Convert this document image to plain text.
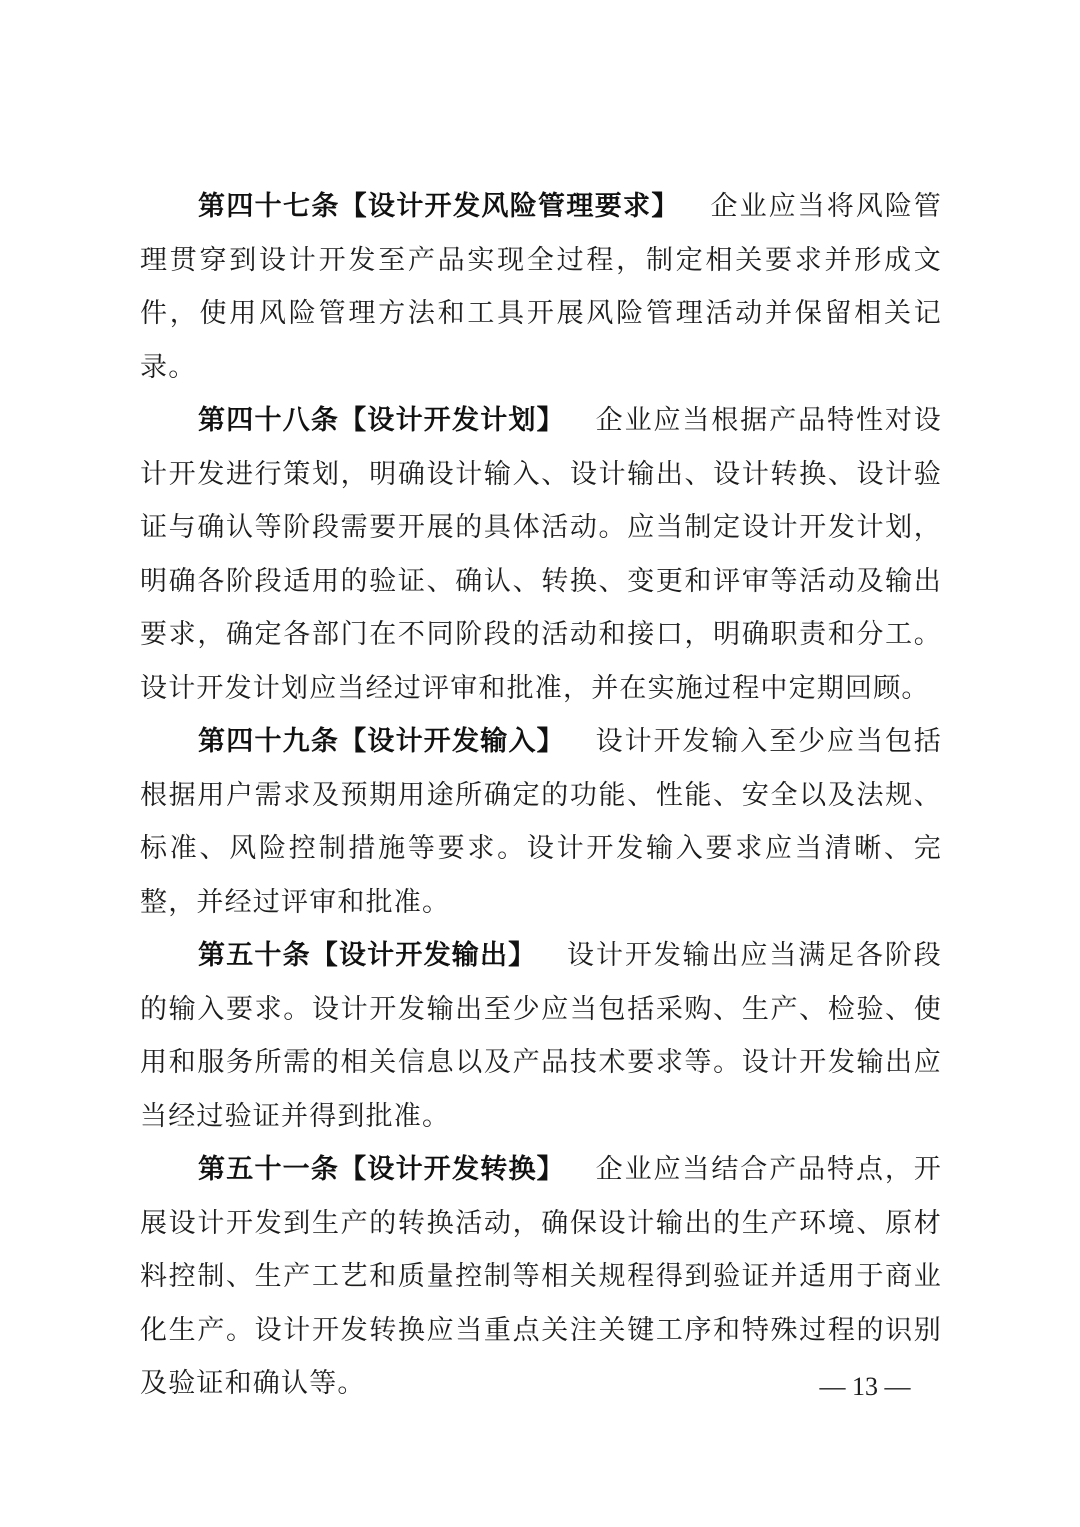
第四十七条【设计开发风险管理要求】 企业应当将风险管理贯穿到设计开发至产品实现全过程，制定相关要求并形成文件，使用风险管理方法和工具开展风险管理活动并保留相关记录。

第四十八条【设计开发计划】 企业应当根据产品特性对设计开发进行策划，明确设计输入、设计输出、设计转换、设计验证与确认等阶段需要开展的具体活动。应当制定设计开发计划，明确各阶段适用的验证、确认、转换、变更和评审等活动及输出要求，确定各部门在不同阶段的活动和接口，明确职责和分工。设计开发计划应当经过评审和批准，并在实施过程中定期回顾。

第四十九条【设计开发输入】 设计开发输入至少应当包括根据用户需求及预期用途所确定的功能、性能、安全以及法规、标准、风险控制措施等要求。设计开发输入要求应当清晰、完整，并经过评审和批准。

第五十条【设计开发输出】 设计开发输出应当满足各阶段的输入要求。设计开发输出至少应当包括采购、生产、检验、使用和服务所需的相关信息以及产品技术要求等。设计开发输出应当经过验证并得到批准。

第五十一条【设计开发转换】 企业应当结合产品特点，开展设计开发到生产的转换活动，确保设计输出的生产环境、原材料控制、生产工艺和质量控制等相关规程得到验证并适用于商业化生产。设计开发转换应当重点关注关键工序和特殊过程的识别及验证和确认等。	— 13 —
